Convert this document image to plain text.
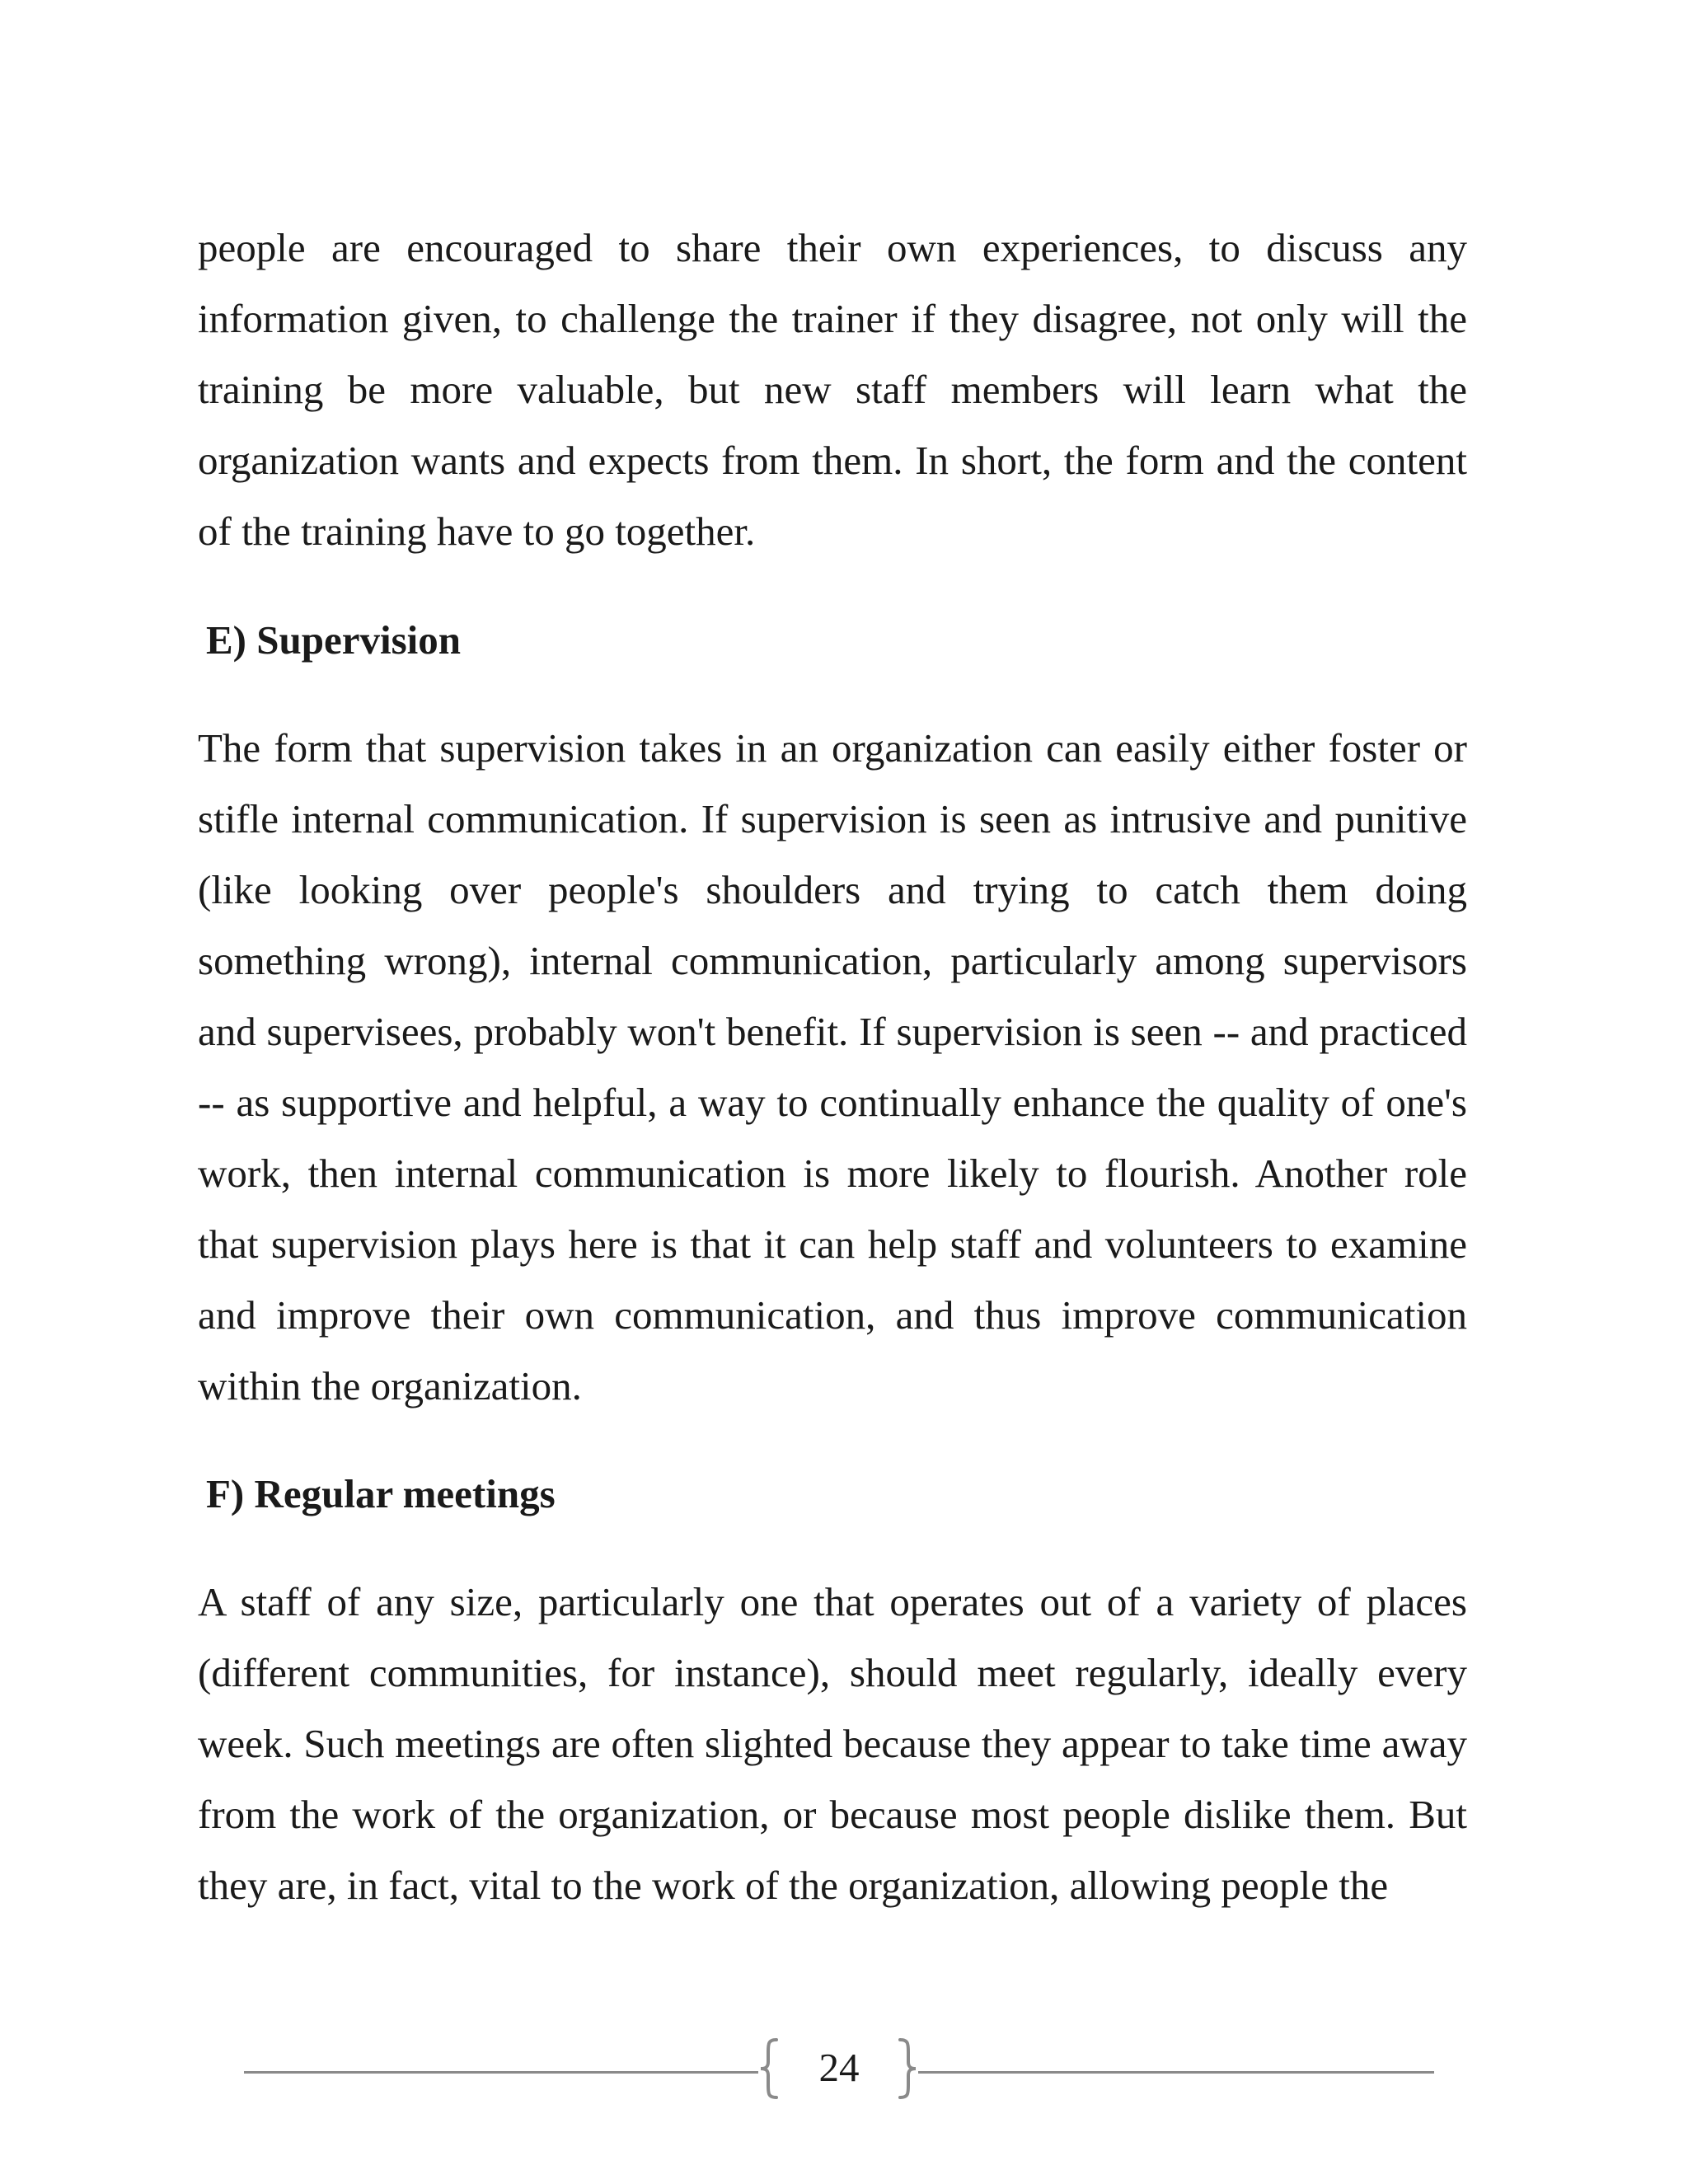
people are encouraged to share their own experiences, to discuss any information given, to challenge the trainer if they disagree, not only will the training be more valuable, but new staff members will learn what the organization wants and expects from them. In short, the form and the content of the training have to go together.

E) Supervision

The form that supervision takes in an organization can easily either foster or stifle internal communication. If supervision is seen as intrusive and punitive (like looking over people's shoulders and trying to catch them doing something wrong), internal communication, particularly among supervisors and supervisees, probably won't benefit. If supervision is seen -- and practiced -- as supportive and helpful, a way to continually enhance the quality of one's work, then internal communication is more likely to flourish. Another role that supervision plays here is that it can help staff and volunteers to examine and improve their own communication, and thus improve communication within the organization.

F) Regular meetings

A staff of any size, particularly one that operates out of a variety of places (different communities, for instance), should meet regularly, ideally every week. Such meetings are often slighted because they appear to take time away from the work of the organization, or because most people dislike them. But they are, in fact, vital to the work of the organization, allowing people the

24
